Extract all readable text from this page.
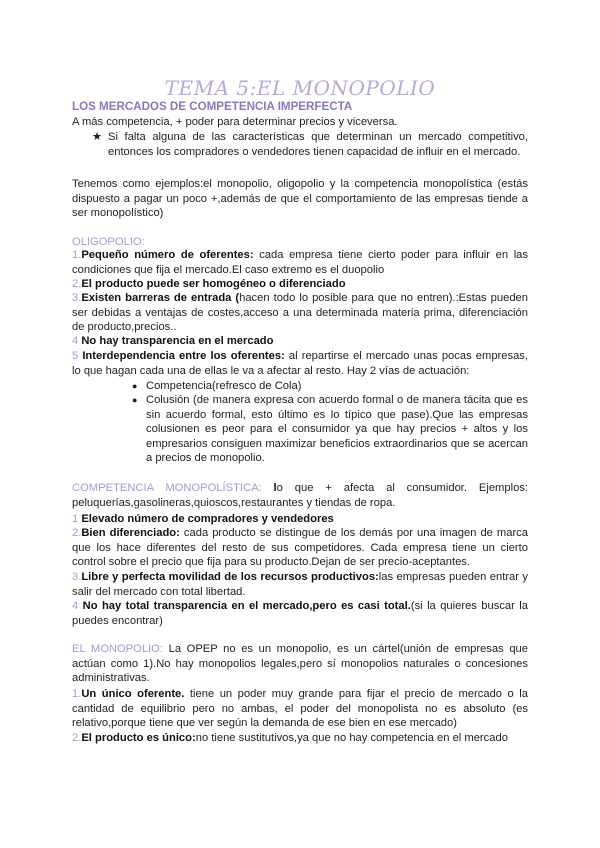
TEMA 5:EL MONOPOLIO
LOS MERCADOS DE COMPETENCIA IMPERFECTA
A más competencia, + poder para determinar precios y viceversa.
★ Si falta alguna de las características que determinan un mercado competitivo, entonces los compradores o vendedores tienen capacidad de influir en el mercado.
Tenemos como ejemplos:el monopolio, oligopolio y la competencia monopolística (estás dispuesto a pagar un poco +,además de que el comportamiento de las empresas tiende a ser monopolístico)
OLIGOPOLIO:
1.Pequeño número de oferentes: cada empresa tiene cierto poder para influir en las condiciones que fija el mercado.El caso extremo es el duopolio
2.El producto puede ser homogéneo o diferenciado
3.Existen barreras de entrada (hacen todo lo posible para que no entren).:Estas pueden ser debidas a ventajas de costes,acceso a una determinada materia prima, diferenciación de producto,precios..
4 No hay transparencia en el mercado
5 Interdependencia entre los oferentes: al repartirse el mercado unas pocas empresas, lo que hagan cada una de ellas le va a afectar al resto. Hay 2 vías de actuación:
● Competencia(refresco de Cola)
● Colusión (de manera expresa con acuerdo formal o de manera tácita que es sin acuerdo formal, esto último es lo típico que pase).Que las empresas colusionen es peor para el consumidor ya que hay precios + altos y los empresarios consiguen maximizar beneficios extraordinarios que se acercan a precios de monopolio.
COMPETENCIA MONOPOLÍSTICA: lo que + afecta al consumidor. Ejemplos: peluquerías,gasolineras,quioscos,restaurantes y tiendas de ropa.
1 Elevado número de compradores y vendedores
2.Bien diferenciado: cada producto se distingue de los demás por una imagen de marca que los hace diferentes del resto de sus competidores. Cada empresa tiene un cierto control sobre el precio que fija para su producto.Dejan de ser precio-aceptantes.
3.Libre y perfecta movilidad de los recursos productivos:las empresas pueden entrar y salir del mercado con total libertad.
4 No hay total transparencia en el mercado,pero es casi total.(si la quieres buscar la puedes encontrar)
EL MONOPOLIO: La OPEP no es un monopolio, es un cártel(unión de empresas que actúan como 1).No hay monopolios legales,pero sí monopolios naturales o concesiones administrativas.
1.Un único oferente. tiene un poder muy grande para fijar el precio de mercado o la cantidad de equilibrio pero no ambas, el poder del monopolista no es absoluto (es relativo,porque tiene que ver según la demanda de ese bien en ese mercado)
2.El producto es único:no tiene sustitutivos,ya que no hay competencia en el mercado
